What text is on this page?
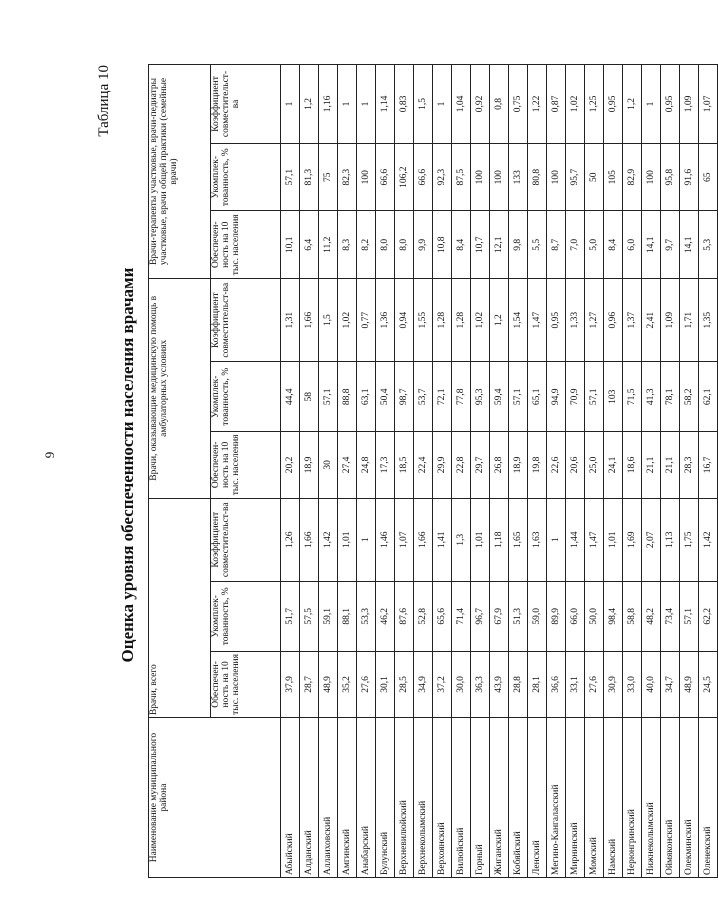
9	Оценка уровня обеспеченности населения врачами
Таблица 10
Наименование муниципального района	Врачи, всего			Врачи, оказывающие медицинскую помощь в амбулаторных условиях			Врачи-терапевты участковые, врачи-педиатры участковые, врачи общей практики (семейные врачи)		
	Обеспечен-ность на 10 тыс. населения	Укомплек-тованность, %	Коэффициент совместительст-ва	Обеспечен-ность на 10 тыс. населения	Укомплек-тованность, %	Коэффициент совместительст-ва	Обеспечен-ность на 10 тыс. населения	Укомплек-тованность, %	Коэффициент совместительст-ва
Абыйский	37,9	51,7	1,26	20,2	44,4	1,31	10,1	57,1	1
Алданский	28,7	57,5	1,66	18,9	58	1,66	6,4	81,3	1,2
Аллаиховский	48,9	59,1	1,42	30	57,1	1,5	11,2	75	1,16
Амгинский	35,2	88,1	1,01	27,4	88,8	1,02	8,3	82,3	1
Анабарский	27,6	53,3	1	24,8	63,1	0,77	8,2	100	1
Булунский	30,1	46,2	1,46	17,3	50,4	1,36	8,0	66,6	1,14
Верхневилюйский	28,5	87,6	1,07	18,5	98,7	0,94	8,0	106,2	0,83
Верхнеколымский	34,9	52,8	1,66	22,4	53,7	1,55	9,9	66,6	1,5
Верхоянский	37,2	65,6	1,41	29,9	72,1	1,28	10,8	92,3	1
Вилюйский	30,0	71,4	1,3	22,8	77,8	1,28	8,4	87,5	1,04
Горный	36,3	96,7	1,01	29,7	95,3	1,02	10,7	100	0,92
Жиганский	43,9	67,9	1,18	26,8	59,4	1,2	12,1	100	0,8
Кобяйский	28,8	51,3	1,65	18,9	57,1	1,54	9,8	133	0,75
Ленский	28,1	59,0	1,63	19,8	65,1	1,47	5,5	80,8	1,22
Мегино-Кангаласский	36,6	89,9	1	22,6	94,9	0,95	8,7	100	0,87
Мирнинский	33,1	66,0	1,44	20,6	70,9	1,33	7,0	95,7	1,02
Момский	27,6	50,0	1,47	25,0	57,1	1,27	5,0	50	1,25
Намский	30,9	98,4	1,01	24,1	103	0,96	8,4	105	0,95
Нерюнгринский	33,0	58,8	1,69	18,6	71,5	1,37	6,0	82,9	1,2
Нижнеколымский	40,0	48,2	2,07	21,1	41,3	2,41	14,1	100	1
Оймяконский	34,7	73,4	1,13	21,1	78,1	1,09	9,7	95,8	0,95
Олекминский	48,9	57,1	1,75	28,3	58,2	1,71	14,1	91,6	1,09
Оленекский	24,5	62,2	1,42	16,7	62,1	1,35	5,3	65	1,07
